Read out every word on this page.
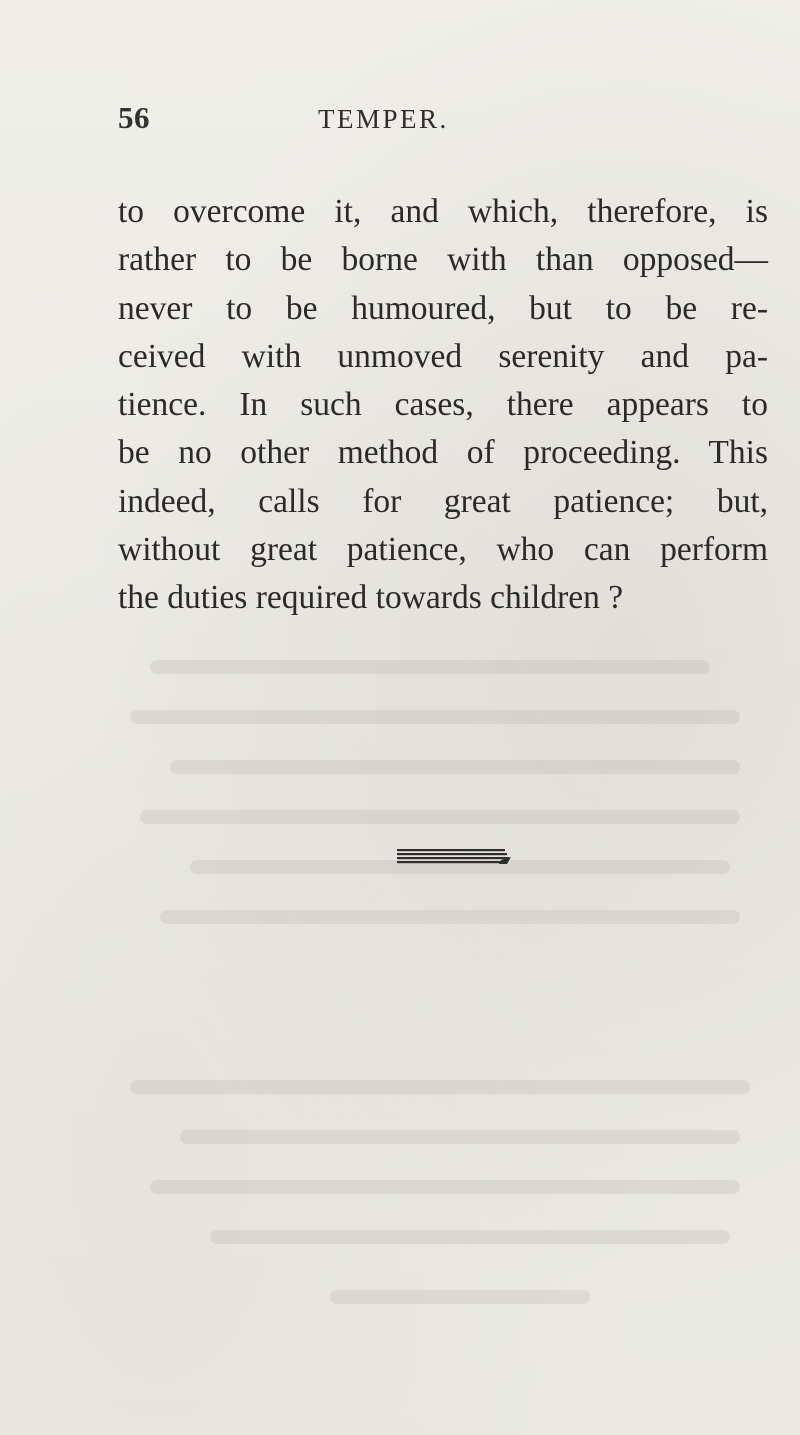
56	TEMPER.
to overcome it, and which, therefore, is
rather to be borne with than opposed—
never to be humoured, but to be re-
ceived with unmoved serenity and pa-
tience. In such cases, there appears to
be no other method of proceeding. This
indeed, calls for great patience; but,
without great patience, who can perform
the duties required towards children ?
